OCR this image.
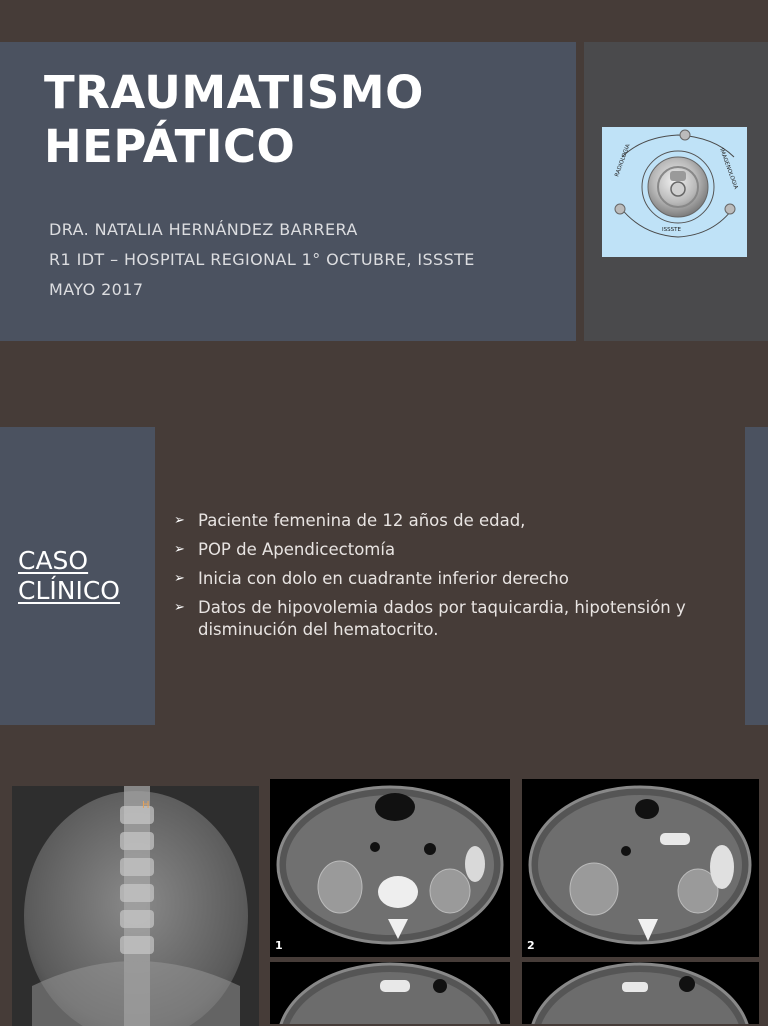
TRAUMATISMO
HEPÁTICO
DRA. NATALIA HERNÁNDEZ BARRERA
R1 IDT – HOSPITAL REGIONAL 1° OCTUBRE, ISSSTE
MAYO 2017
RADIOLOGIA	IMAGENOLOGIA
ISSSTE
CASO
CLÍNICO
➢ Paciente femenina de 12 años de edad,
➢ POP de Apendicectomía
➢ Inicia con dolo en cuadrante inferior derecho
➢ Datos de hipovolemia dados por taquicardia, hipotensión y disminución del hematocrito.
H
1	2
